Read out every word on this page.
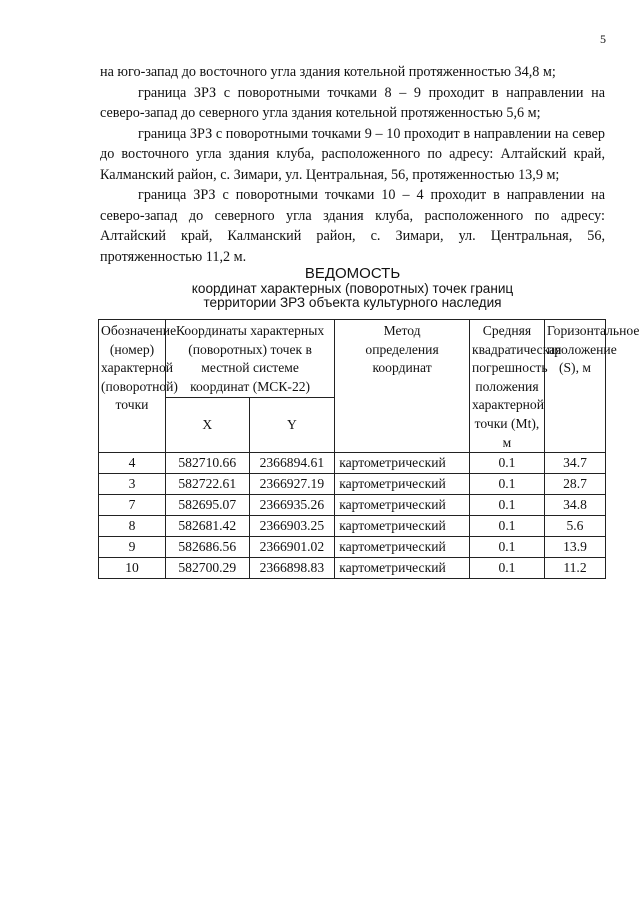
5

на юго-запад до восточного угла здания котельной протяженностью 34,8 м;

граница ЗРЗ с поворотными точками 8 – 9 проходит в направлении на северо-запад до северного угла здания котельной протяженностью 5,6 м;

граница ЗРЗ с поворотными точками 9 – 10 проходит в направлении на север до восточного угла здания клуба, расположенного по адресу: Алтайский край, Калманский район, с. Зимари, ул. Центральная, 56, протяженностью 13,9 м;

граница ЗРЗ с поворотными точками 10 – 4 проходит в направлении на северо-запад до северного угла здания клуба, расположенного по адресу: Алтайский край, Калманский район, с. Зимари, ул. Центральная, 56, протяженностью 11,2 м.

ВЕДОМОСТЬ
координат характерных (поворотных) точек границ
территории ЗРЗ объекта культурного наследия
Обозначение (номер) характерной (поворотной) точки	Координаты характерных (поворотных) точек в местной системе координат (МСК-22)		Метод определения координат	Средняя квадратическая погрешность положения характерной точки (Mt), м	Горизонтальное проложение (S), м

	X	Y			
4	582710.66	2366894.61	картометрический	0.1	34.7
3	582722.61	2366927.19	картометрический	0.1	28.7
7	582695.07	2366935.26	картометрический	0.1	34.8
8	582681.42	2366903.25	картометрический	0.1	5.6
9	582686.56	2366901.02	картометрический	0.1	13.9
10	582700.29	2366898.83	картометрический	0.1	11.2
